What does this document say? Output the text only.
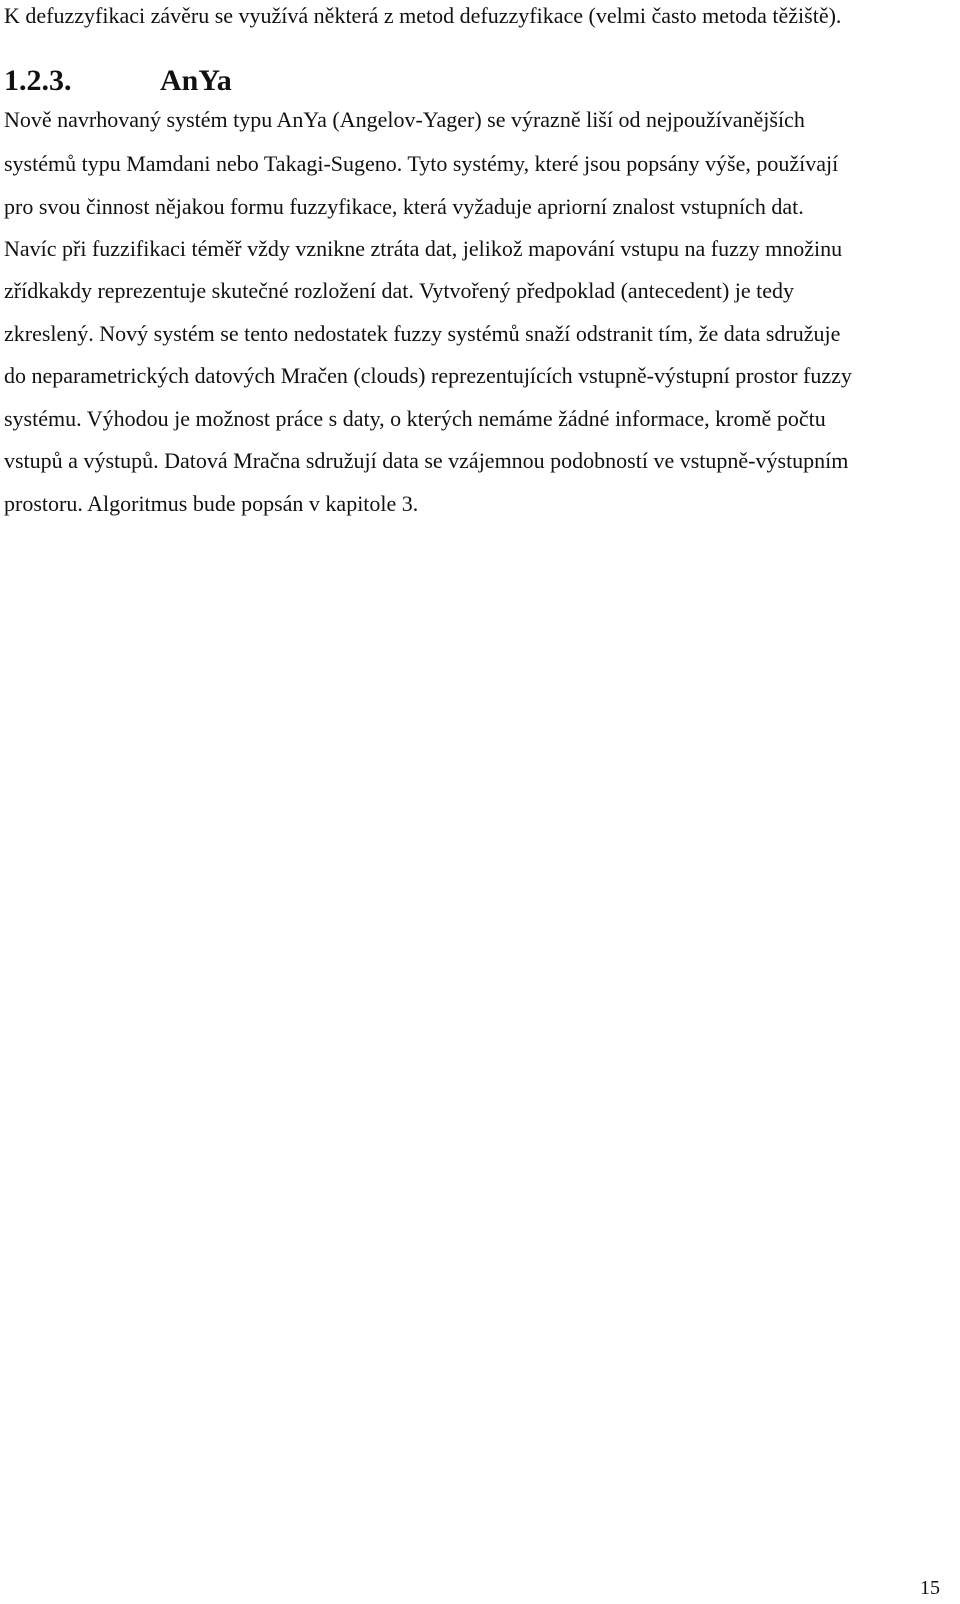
K defuzzyfikaci závěru se využívá některá z metod defuzzyfikace (velmi často metoda těžiště).
1.2.3.	AnYa
Nově navrhovaný systém typu AnYa (Angelov-Yager) se výrazně liší od nejpoužívanějších
systémů typu Mamdani nebo Takagi-Sugeno. Tyto systémy, které jsou popsány výše, používají
pro svou činnost nějakou formu fuzzyfikace, která vyžaduje apriorní znalost vstupních dat.
Navíc při fuzzifikaci téměř vždy vznikne ztráta dat, jelikož mapování vstupu na fuzzy množinu
zřídkakdy reprezentuje skutečné rozložení dat. Vytvořený předpoklad (antecedent) je tedy
zkreslený. Nový systém se tento nedostatek fuzzy systémů snaží odstranit tím, že data sdružuje
do neparametrických datových Mračen (clouds) reprezentujících vstupně-výstupní prostor fuzzy
systému. Výhodou je možnost práce s daty, o kterých nemáme žádné informace, kromě počtu
vstupů a výstupů. Datová Mračna sdružují data se vzájemnou podobností ve vstupně-výstupním
prostoru. Algoritmus bude popsán v kapitole 3.
15
